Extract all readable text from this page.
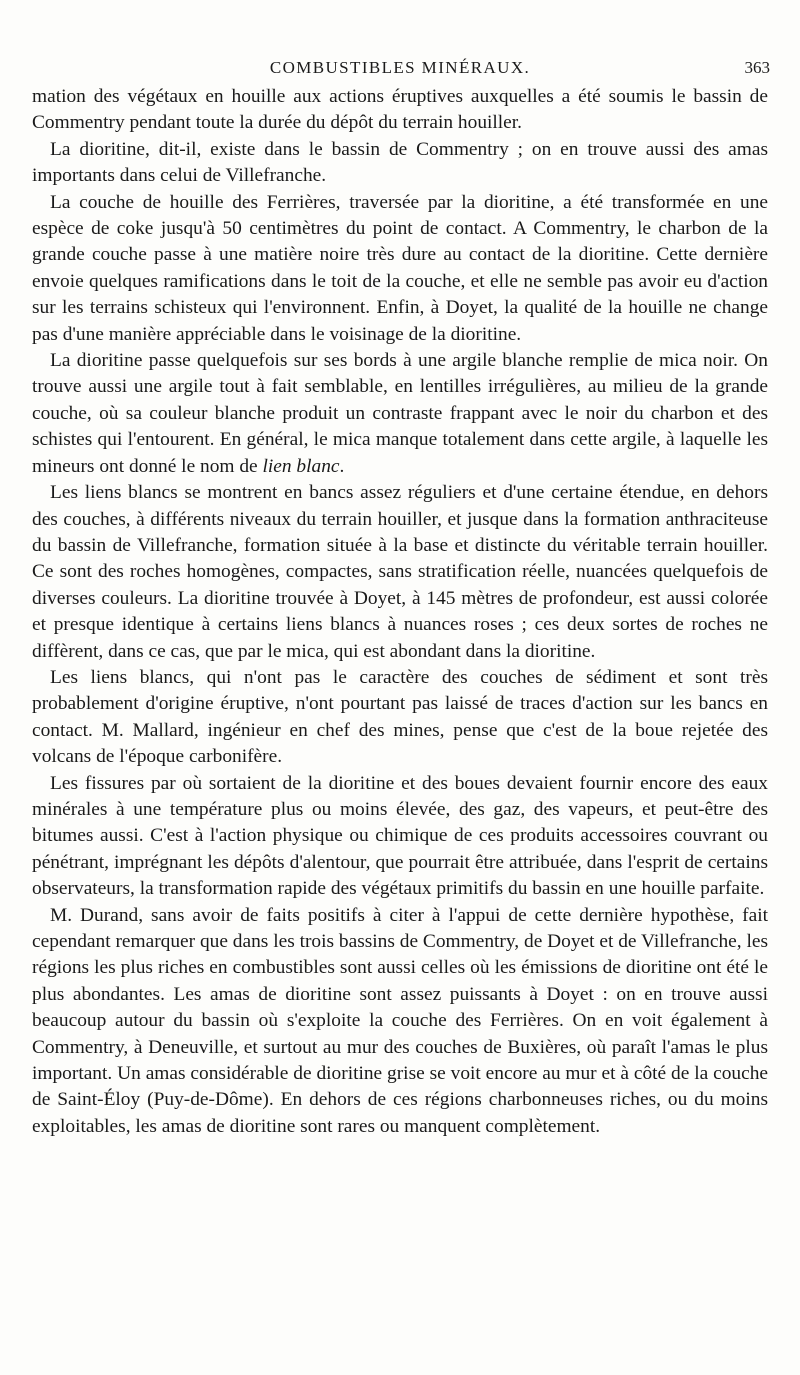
COMBUSTIBLES MINÉRAUX.	363

mation des végétaux en houille aux actions éruptives auxquelles a été soumis le bassin de Commentry pendant toute la durée du dépôt du terrain houiller.

La dioritine, dit-il, existe dans le bassin de Commentry ; on en trouve aussi des amas importants dans celui de Villefranche.

La couche de houille des Ferrières, traversée par la dioritine, a été transformée en une espèce de coke jusqu'à 50 centimètres du point de contact. A Commentry, le charbon de la grande couche passe à une matière noire très dure au contact de la dioritine. Cette dernière envoie quelques ramifications dans le toit de la couche, et elle ne semble pas avoir eu d'action sur les terrains schisteux qui l'environnent. Enfin, à Doyet, la qualité de la houille ne change pas d'une manière appréciable dans le voisinage de la dioritine.

La dioritine passe quelquefois sur ses bords à une argile blanche remplie de mica noir. On trouve aussi une argile tout à fait semblable, en lentilles irrégulières, au milieu de la grande couche, où sa couleur blanche produit un contraste frappant avec le noir du charbon et des schistes qui l'entourent. En général, le mica manque totalement dans cette argile, à laquelle les mineurs ont donné le nom de lien blanc.

Les liens blancs se montrent en bancs assez réguliers et d'une certaine étendue, en dehors des couches, à différents niveaux du terrain houiller, et jusque dans la formation anthraciteuse du bassin de Villefranche, formation située à la base et distincte du véritable terrain houiller. Ce sont des roches homogènes, compactes, sans stratification réelle, nuancées quelquefois de diverses couleurs. La dioritine trouvée à Doyet, à 145 mètres de profondeur, est aussi colorée et presque identique à certains liens blancs à nuances roses ; ces deux sortes de roches ne diffèrent, dans ce cas, que par le mica, qui est abondant dans la dioritine.

Les liens blancs, qui n'ont pas le caractère des couches de sédiment et sont très probablement d'origine éruptive, n'ont pourtant pas laissé de traces d'action sur les bancs en contact. M. Mallard, ingénieur en chef des mines, pense que c'est de la boue rejetée des volcans de l'époque carbonifère.

Les fissures par où sortaient de la dioritine et des boues devaient fournir encore des eaux minérales à une température plus ou moins élevée, des gaz, des vapeurs, et peut-être des bitumes aussi. C'est à l'action physique ou chimique de ces produits accessoires couvrant ou pénétrant, imprégnant les dépôts d'alentour, que pourrait être attribuée, dans l'esprit de certains observateurs, la transformation rapide des végétaux primitifs du bassin en une houille parfaite.

M. Durand, sans avoir de faits positifs à citer à l'appui de cette dernière hypothèse, fait cependant remarquer que dans les trois bassins de Commentry, de Doyet et de Villefranche, les régions les plus riches en combustibles sont aussi celles où les émissions de dioritine ont été le plus abondantes. Les amas de dioritine sont assez puissants à Doyet : on en trouve aussi beaucoup autour du bassin où s'exploite la couche des Ferrières. On en voit également à Commentry, à Deneuville, et surtout au mur des couches de Buxières, où paraît l'amas le plus important. Un amas considérable de dioritine grise se voit encore au mur et à côté de la couche de Saint-Éloy (Puy-de-Dôme). En dehors de ces régions charbonneuses riches, ou du moins exploitables, les amas de dioritine sont rares ou manquent complètement.
